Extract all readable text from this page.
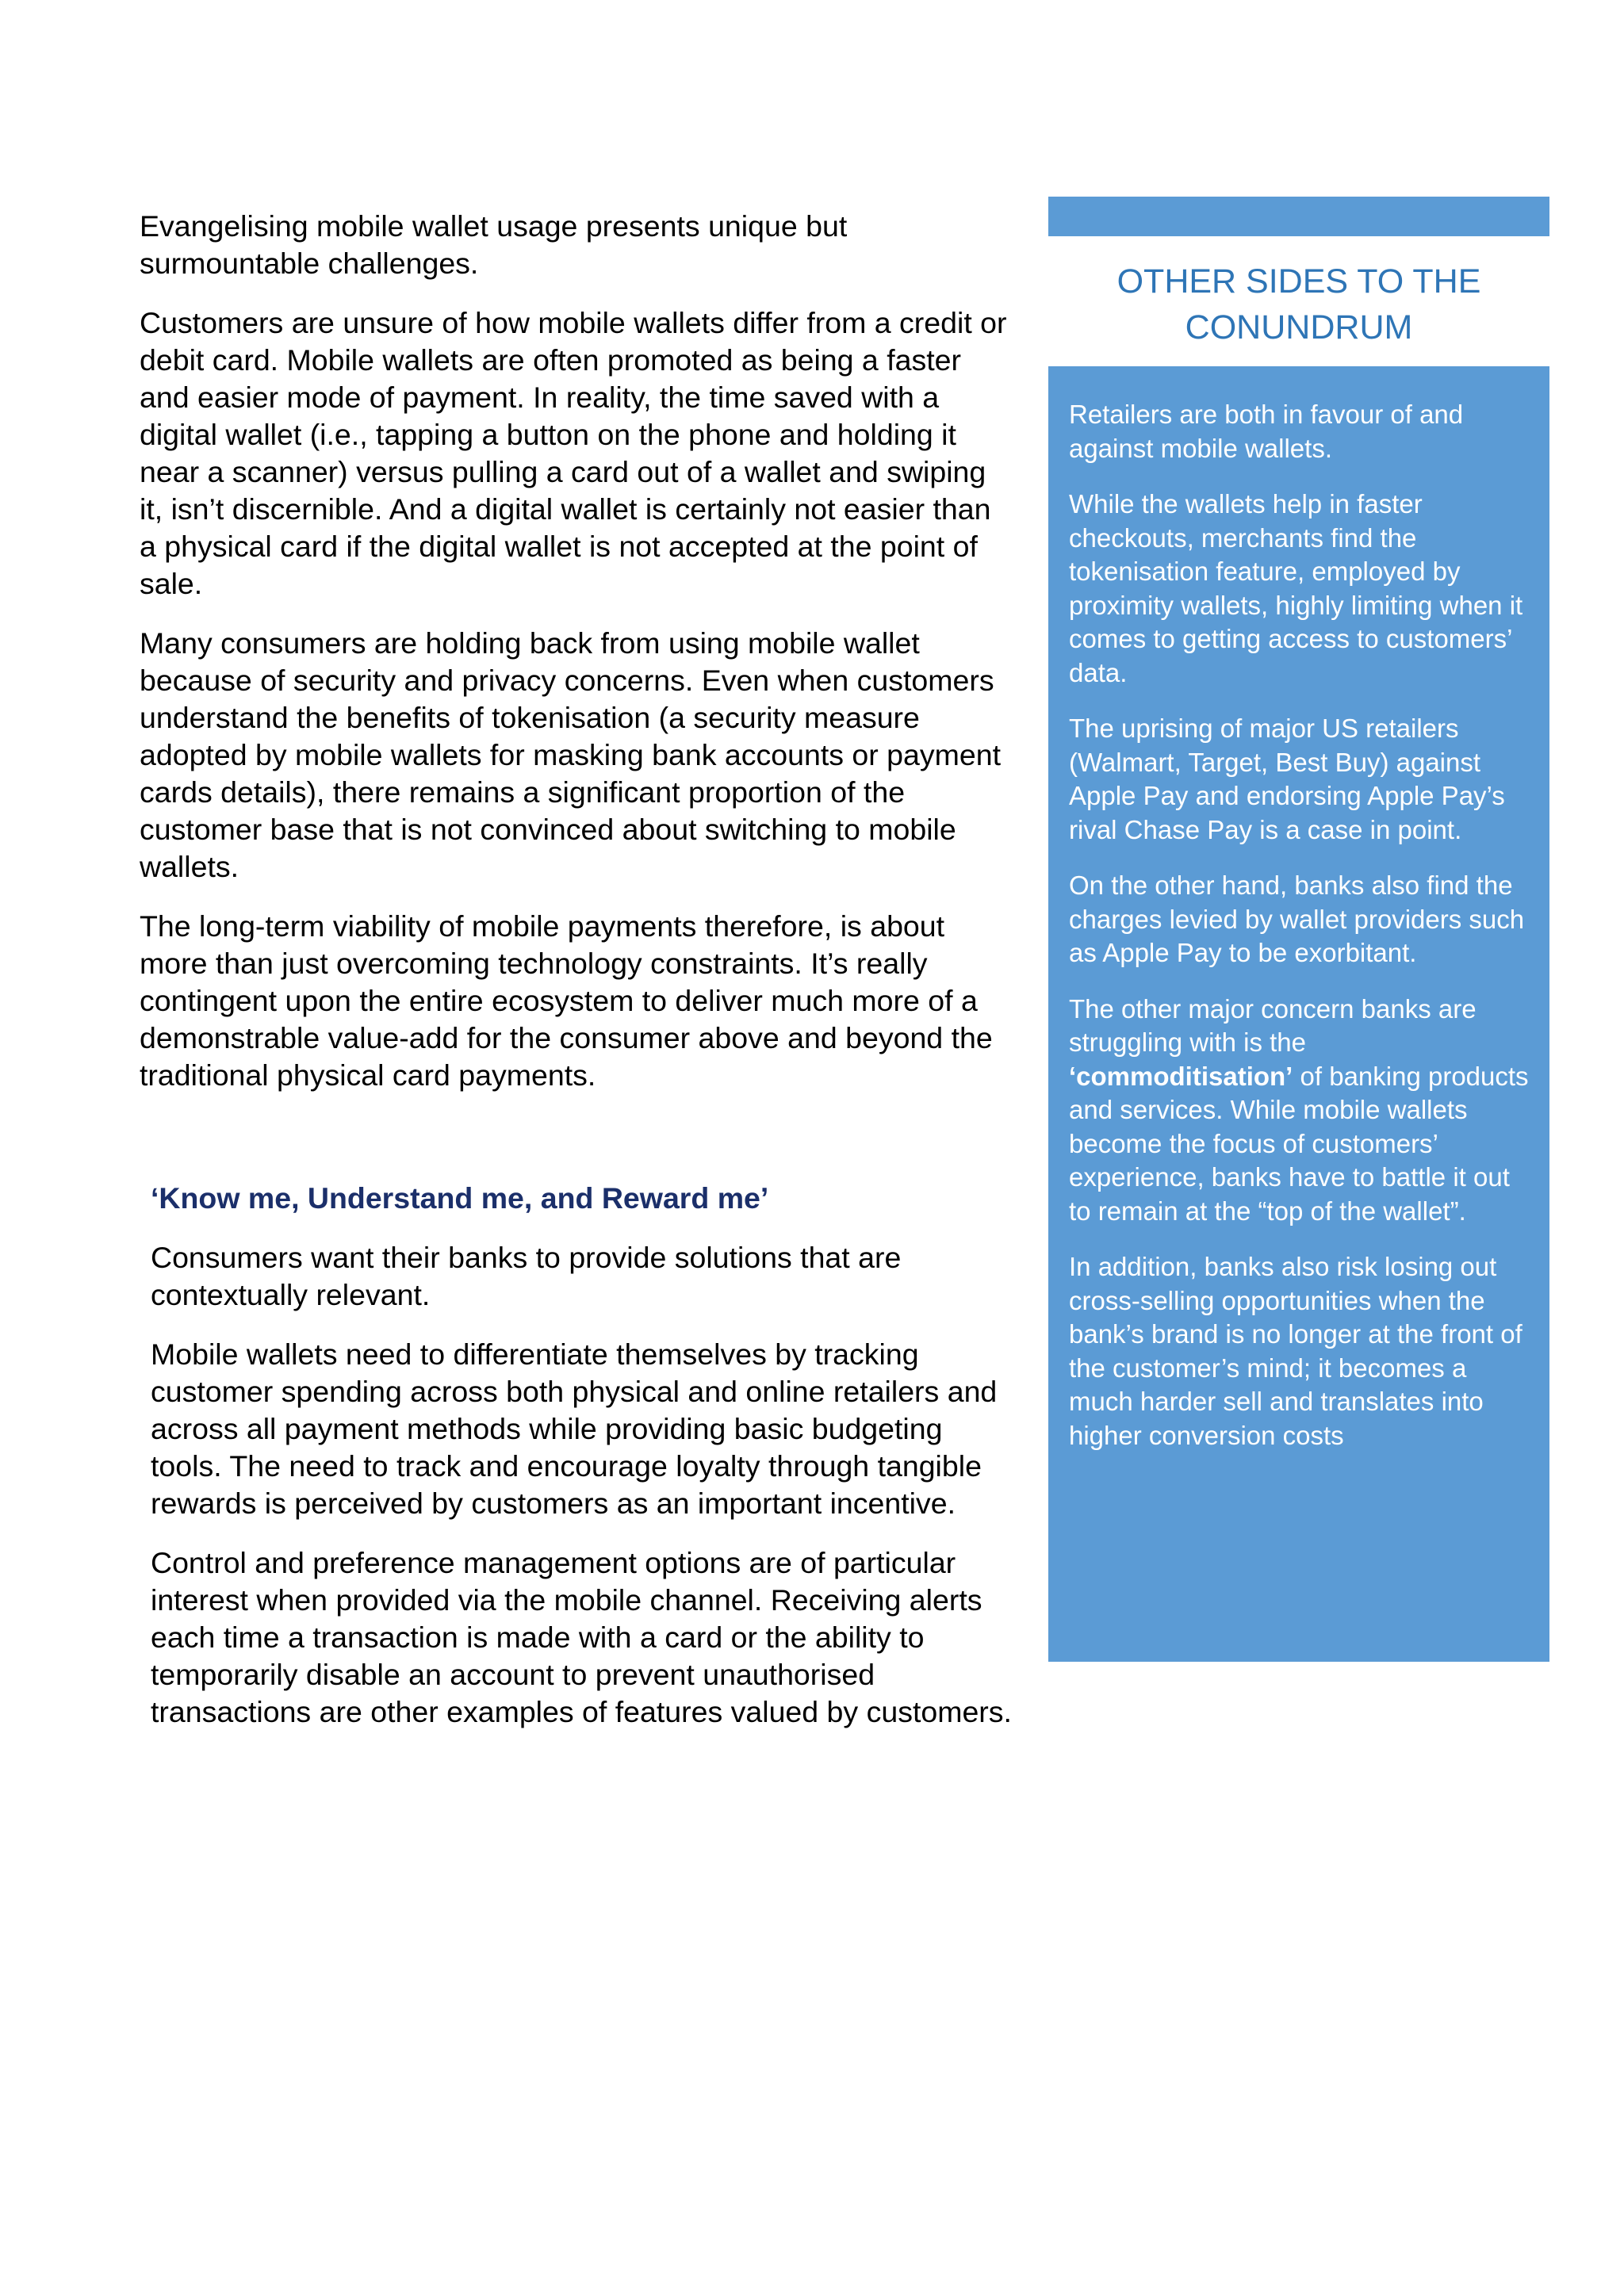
Evangelising mobile wallet usage presents unique but surmountable challenges.

Customers are unsure of how mobile wallets differ from a credit or debit card. Mobile wallets are often promoted as being a faster and easier mode of payment. In reality, the time saved with a digital wallet (i.e., tapping a button on the phone and holding it near a scanner) versus pulling a card out of a wallet and swiping it, isn’t discernible. And a digital wallet is certainly not easier than a physical card if the digital wallet is not accepted at the point of sale.

Many consumers are holding back from using mobile wallet because of security and privacy concerns. Even when customers understand the benefits of tokenisation (a security measure adopted by mobile wallets for masking bank accounts or payment cards details), there remains a significant proportion of the customer base that is not convinced about switching to mobile wallets.

The long-term viability of mobile payments therefore, is about more than just overcoming technology constraints. It’s really contingent upon the entire ecosystem to deliver much more of a demonstrable value-add for the consumer above and beyond the traditional physical card payments.

‘Know me, Understand me, and Reward me’

Consumers want their banks to provide solutions that are contextually relevant.

Mobile wallets need to differentiate themselves by tracking customer spending across both physical and online retailers and across all payment methods while providing basic budgeting tools. The need to track and encourage loyalty through tangible rewards is perceived by customers as an important incentive.

Control and preference management options are of particular interest when provided via the mobile channel. Receiving alerts each time a transaction is made with a card or the ability to temporarily disable an account to prevent unauthorised transactions are other examples of features valued by customers.

OTHER SIDES TO THE CONUNDRUM

Retailers are both in favour of and against mobile wallets.

While the wallets help in faster checkouts, merchants find the tokenisation feature, employed by proximity wallets, highly limiting when it comes to getting access to customers’ data.

The uprising of major US retailers (Walmart, Target, Best Buy) against Apple Pay and endorsing Apple Pay’s rival Chase Pay is a case in point.

On the other hand, banks also find the charges levied by wallet providers such as Apple Pay to be exorbitant.

The other major concern banks are struggling with is the ‘commoditisation’ of banking products and services. While mobile wallets become the focus of customers’ experience, banks have to battle it out to remain at the “top of the wallet”.

In addition, banks also risk losing out cross-selling opportunities when the bank’s brand is no longer at the front of the customer’s mind; it becomes a much harder sell and translates into higher conversion costs
